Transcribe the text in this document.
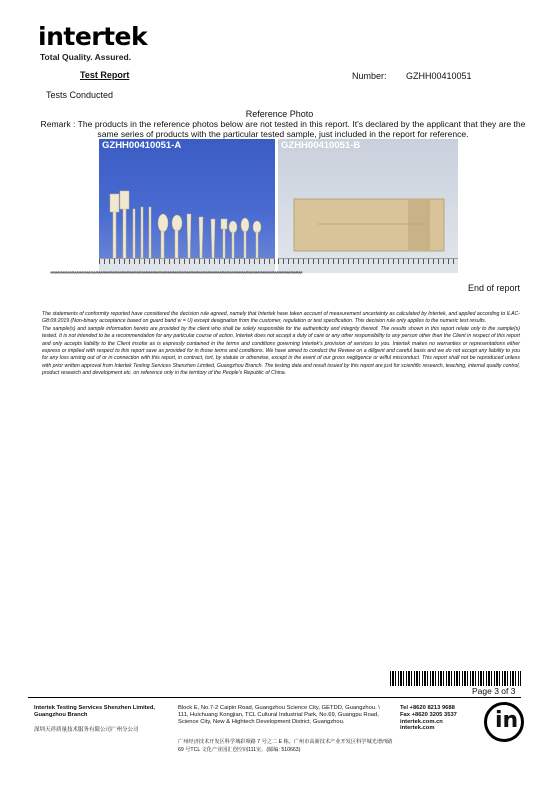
intertek
Total Quality. Assured.
Test Report	Number: GZHH00410051
Tests Conducted
Reference Photo
Remark : The products in the reference photos below are not tested in this report. It's declared by the applicant that they are the same series of products with the particular tested sample, just included in the report for reference.
GZHH00410051-A	GZHH00410051-B
**************************************************************************************************************************************************
End of report

The statements of conformity reported have considered the decision rule agreed, namely that Intertek have taken account of measurement uncertainty as calculated by Intertek, and applied according to ILAC-G8:09:2019 (Non-binary acceptance based on guard band w = U) except designation from the customer, regulation or test specification. This decision rule only applies to the numeric test results.

The sample(s) and sample information hereto are provided by the client who shall be solely responsible for the authenticity and integrity thereof. The results shown in this report relate only to the sample(s) tested. It is not intended to be a recommendation for any particular course of action. Intertek does not accept a duty of care or any other responsibility to any person other than the Client in respect of this report and only accepts liability to the Client insofar as is expressly contained in the terms and conditions governing Intertek's provision of services to you. Intertek makes no warranties or representations either express or implied with respect to this report save as provided for in those terms and conditions. We have aimed to conduct the Review on a diligent and careful basis and we do not accept any liability to you for any loss arising out of or in connection with this report, in contract, tort, by statute or otherwise, except in the event of our gross negligence or wilful misconduct. This report shall not be reproduced unless with prior written approval from Intertek Testing Services Shenzhen Limited, Guangzhou Branch. The testing data and result issued by this report are just for scientific research, teaching, internal quality control, product research and development etc. on reference only in the territory of the People's Republic of China.

Page 3 of 3
Intertek Testing Services Shenzhen Limited, Guangzhou Branch
深圳天祥质量技术服务有限公司广州分公司
Block E, No.7-2 Caipin Road, Guangzhou Science City, GETDD, Guangzhou. \ 111, Huichuang Kongjian, TCL Cultural Industrial Park, No.69, Guangpu Road, Science City, New & Hightech Development District, Guangzhou.
广州经济技术开发区科学城彩频路 7 号之二 E 栋。广州市高新技术产业开发区科学城光谱西路 69 号TCL 文化产业园汇创空间111室。(邮编: 510663)
Tel +8620 8213 9688
Fax +8620 3205 3537
intertek.com.cn
intertek.com	in
